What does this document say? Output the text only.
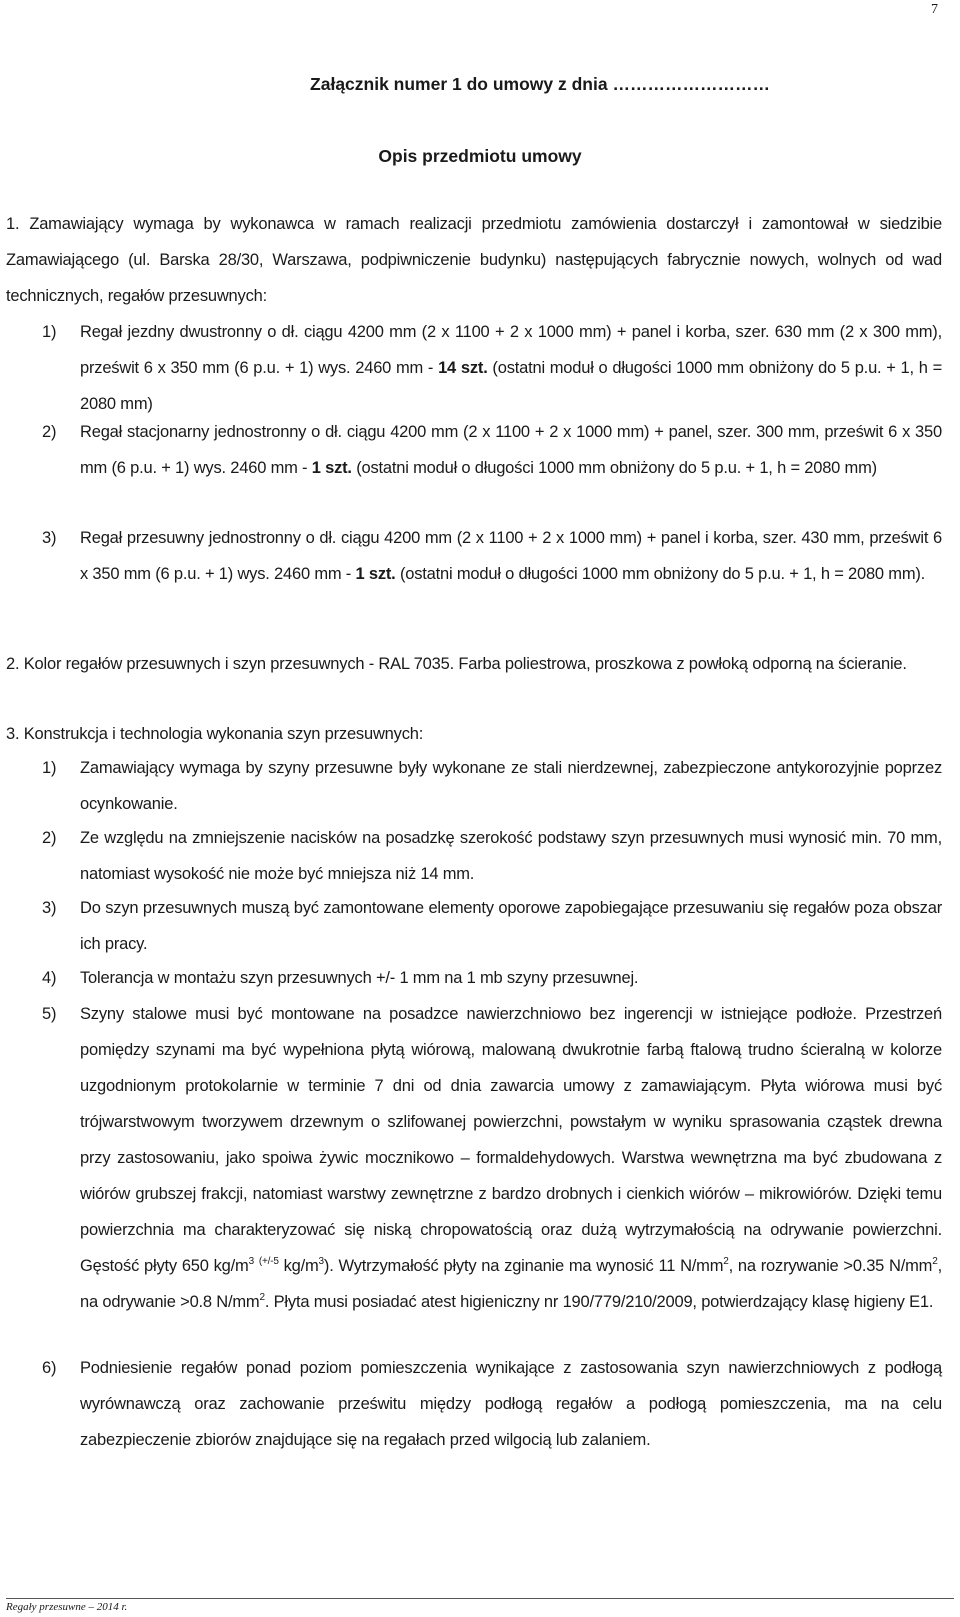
7
Załącznik numer 1 do umowy z dnia ………………………
Opis przedmiotu umowy
1. Zamawiający wymaga by wykonawca w ramach realizacji przedmiotu zamówienia dostarczył i zamontował w siedzibie Zamawiającego (ul. Barska 28/30, Warszawa, podpiwniczenie budynku) następujących fabrycznie nowych, wolnych od wad technicznych, regałów przesuwnych:
1)	Regał jezdny dwustronny o dł. ciągu 4200 mm (2 x 1100 + 2 x 1000 mm) + panel i korba, szer. 630 mm (2 x 300 mm), prześwit 6 x 350 mm (6 p.u. + 1) wys. 2460 mm - 14 szt. (ostatni moduł o długości 1000 mm obniżony do 5 p.u. + 1, h = 2080 mm)
2)	Regał stacjonarny jednostronny o dł. ciągu 4200 mm (2 x 1100 + 2 x 1000 mm) + panel, szer. 300 mm, prześwit 6 x 350 mm (6 p.u. + 1) wys. 2460 mm - 1 szt. (ostatni moduł o długości 1000 mm obniżony do 5 p.u. + 1, h = 2080 mm)
3)	Regał przesuwny jednostronny o dł. ciągu 4200 mm (2 x 1100 + 2 x 1000 mm) + panel i korba, szer. 430 mm, prześwit 6 x 350 mm (6 p.u. + 1) wys. 2460 mm - 1 szt. (ostatni moduł o długości 1000 mm obniżony do 5 p.u. + 1, h = 2080 mm).
2. Kolor regałów przesuwnych i szyn przesuwnych - RAL 7035. Farba poliestrowa, proszkowa z powłoką odporną na ścieranie.
3. Konstrukcja i technologia wykonania szyn przesuwnych:
1)	Zamawiający wymaga by szyny przesuwne były wykonane ze stali nierdzewnej, zabezpieczone antykorozyjnie poprzez ocynkowanie.
2)	Ze względu na zmniejszenie nacisków na posadzkę szerokość podstawy szyn przesuwnych musi wynosić min. 70 mm, natomiast wysokość nie może być mniejsza niż 14 mm.
3)	Do szyn przesuwnych muszą być zamontowane elementy oporowe zapobiegające przesuwaniu się regałów poza obszar ich pracy.
4)	Tolerancja w montażu szyn przesuwnych +/- 1 mm na 1 mb szyny przesuwnej.
5)	Szyny stalowe musi być montowane na posadzce nawierzchniowo bez ingerencji w istniejące podłoże. Przestrzeń pomiędzy szynami ma być wypełniona płytą wiórową, malowaną dwukrotnie farbą ftalową trudno ścieralną w kolorze uzgodnionym protokolarnie w terminie 7 dni od dnia zawarcia umowy z zamawiającym. Płyta wiórowa musi być trójwarstwowym tworzywem drzewnym o szlifowanej powierzchni, powstałym w wyniku sprasowania cząstek drewna przy zastosowaniu, jako spoiwa żywic mocznikowo – formaldehydowych. Warstwa wewnętrzna ma być zbudowana z wiórów grubszej frakcji, natomiast warstwy zewnętrzne z bardzo drobnych i cienkich wiórów – mikrowiórów. Dzięki temu powierzchnia ma charakteryzować się niską chropowatością oraz dużą wytrzymałością na odrywanie powierzchni. Gęstość płyty 650 $kg/m^3$ $^{(+/-5}$ $kg/m^3$). Wytrzymałość płyty na zginanie ma wynosić 11 $N/mm^2$, na rozrywanie >0.35 $N/mm^2$, na odrywanie >0.8 $N/mm^2$. Płyta musi posiadać atest higieniczny nr 190/779/210/2009, potwierdzający klasę higieny E1.
6)	Podniesienie regałów ponad poziom pomieszczenia wynikające z zastosowania szyn nawierzchniowych z podłogą wyrównawczą oraz zachowanie prześwitu między podłogą regałów a podłogą pomieszczenia, ma na celu zabezpieczenie zbiorów znajdujące się na regałach przed wilgocią lub zalaniem.
Regały przesuwne – 2014 r.
